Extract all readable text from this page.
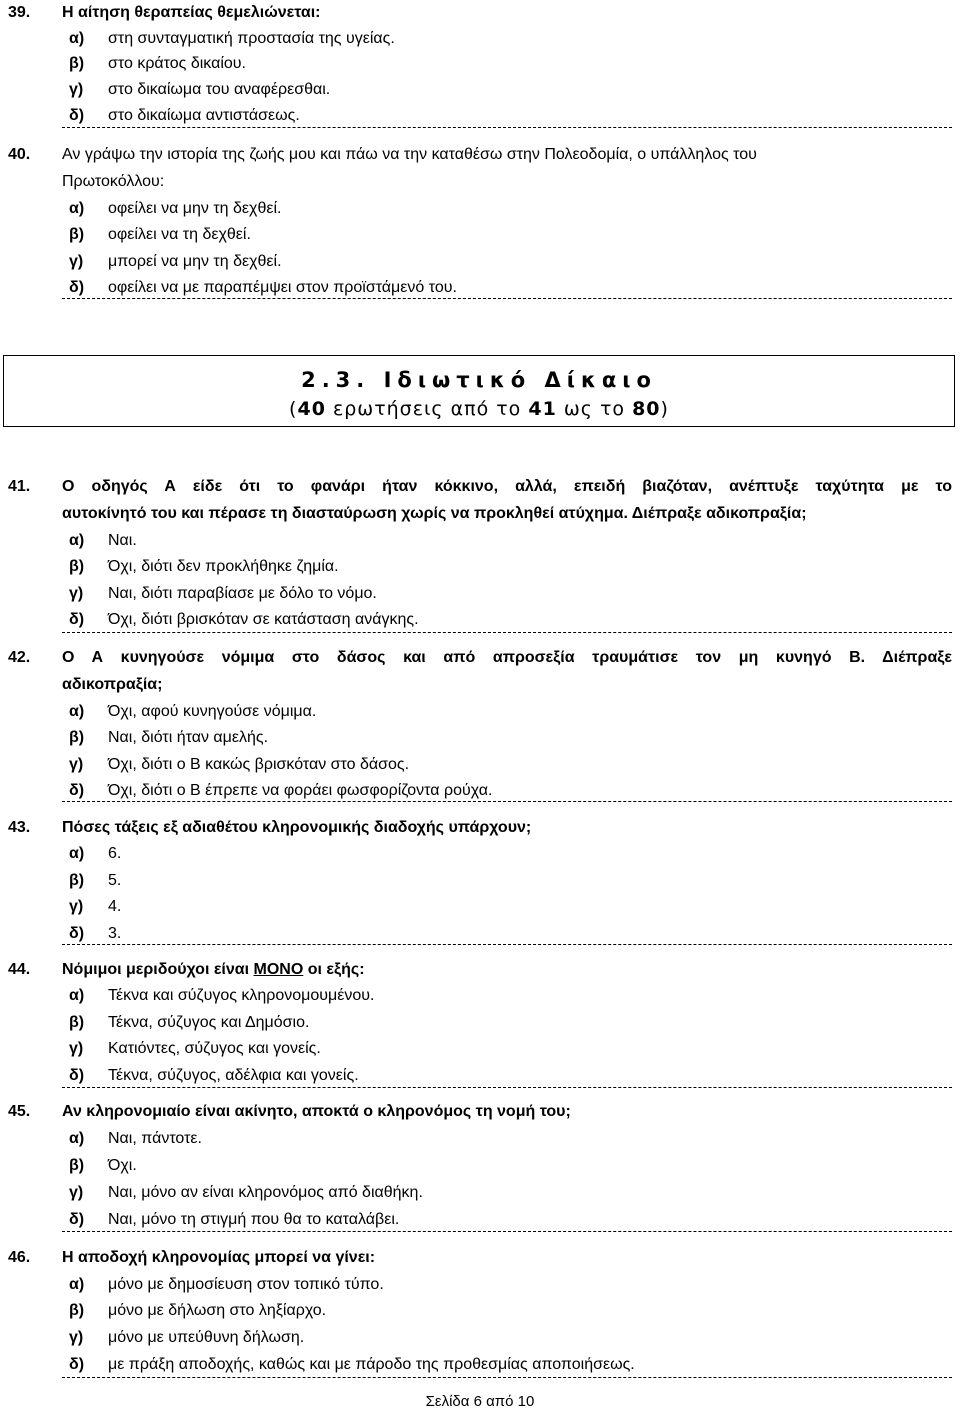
39. Η αίτηση θεραπείας θεμελιώνεται:
α) στη συνταγματική προστασία της υγείας.
β) στο κράτος δικαίου.
γ) στο δικαίωμα του αναφέρεσθαι.
δ) στο δικαίωμα αντιστάσεως.
40. Αν γράψω την ιστορία της ζωής μου και πάω να την καταθέσω στην Πολεοδομία, ο υπάλληλος του
Πρωτοκόλλου:
α) οφείλει να μην τη δεχθεί.
β) οφείλει να τη δεχθεί.
γ) μπορεί να μην τη δεχθεί.
δ) οφείλει να με παραπέμψει στον προϊστάμενό του.
2.3. Ιδιωτικό Δίκαιο
(40 ερωτήσεις από το 41 ως το 80)
41. Ο οδηγός Α είδε ότι το φανάρι ήταν κόκκινο, αλλά, επειδή βιαζόταν, ανέπτυξε ταχύτητα με το
αυτοκίνητό του και πέρασε τη διασταύρωση χωρίς να προκληθεί ατύχημα. Διέπραξε αδικοπραξία;
α) Ναι.
β) Όχι, διότι δεν προκλήθηκε ζημία.
γ) Ναι, διότι παραβίασε με δόλο το νόμο.
δ) Όχι, διότι βρισκόταν σε κατάσταση ανάγκης.
42. Ο Α κυνηγούσε νόμιμα στο δάσος και από απροσεξία τραυμάτισε τον μη κυνηγό Β. Διέπραξε
αδικοπραξία;
α) Όχι, αφού κυνηγούσε νόμιμα.
β) Ναι, διότι ήταν αμελής.
γ) Όχι, διότι ο Β κακώς βρισκόταν στο δάσος.
δ) Όχι, διότι ο Β έπρεπε να φοράει φωσφορίζοντα ρούχα.
43. Πόσες τάξεις εξ αδιαθέτου κληρονομικής διαδοχής υπάρχουν;
α) 6.
β) 5.
γ) 4.
δ) 3.
44. Νόμιμοι μεριδούχοι είναι ΜΟΝΟ οι εξής:
α) Τέκνα και σύζυγος κληρονομουμένου.
β) Τέκνα, σύζυγος και Δημόσιο.
γ) Κατιόντες, σύζυγος και γονείς.
δ) Τέκνα, σύζυγος, αδέλφια και γονείς.
45. Αν κληρονομιαίο είναι ακίνητο, αποκτά ο κληρονόμος τη νομή του;
α) Ναι, πάντοτε.
β) Όχι.
γ) Ναι, μόνο αν είναι κληρονόμος από διαθήκη.
δ) Ναι, μόνο τη στιγμή που θα το καταλάβει.
46. Η αποδοχή κληρονομίας μπορεί να γίνει:
α) μόνο με δημοσίευση στον τοπικό τύπο.
β) μόνο με δήλωση στο ληξίαρχο.
γ) μόνο με υπεύθυνη δήλωση.
δ) με πράξη αποδοχής, καθώς και με πάροδο της προθεσμίας αποποιήσεως.
Σελίδα 6 από 10
